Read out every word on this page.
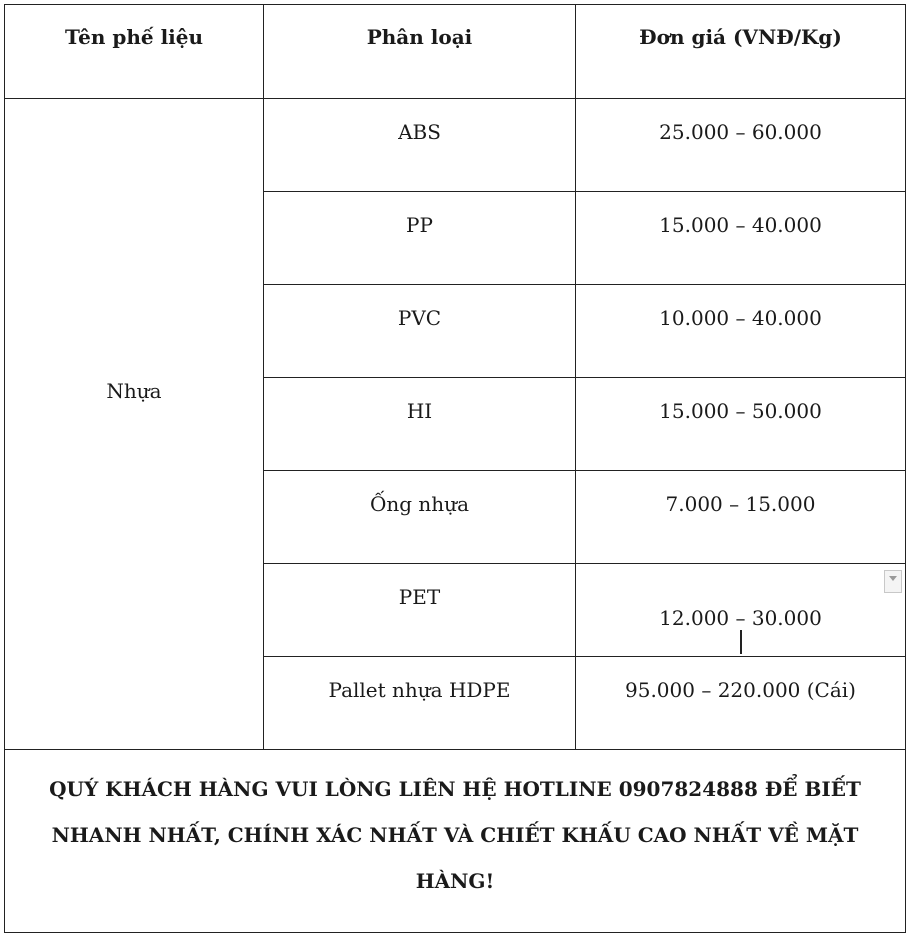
Tên phế liệu	Phân loại	Đơn giá (VNĐ/Kg)

Nhựa	ABS	25.000 – 60.000

	PP	15.000 – 40.000

	PVC	10.000 – 40.000

	HI	15.000 – 50.000

	Ống nhựa	7.000 – 15.000

	PET	12.000 – 30.000

	Pallet nhựa HDPE	95.000 – 220.000 (Cái)

QUÝ KHÁCH HÀNG VUI LÒNG LIÊN HỆ HOTLINE 0907824888 ĐỂ BIẾT NHANH NHẤT, CHÍNH XÁC NHẤT VÀ CHIẾT KHẤU CAO NHẤT VỀ MẶT HÀNG!		
